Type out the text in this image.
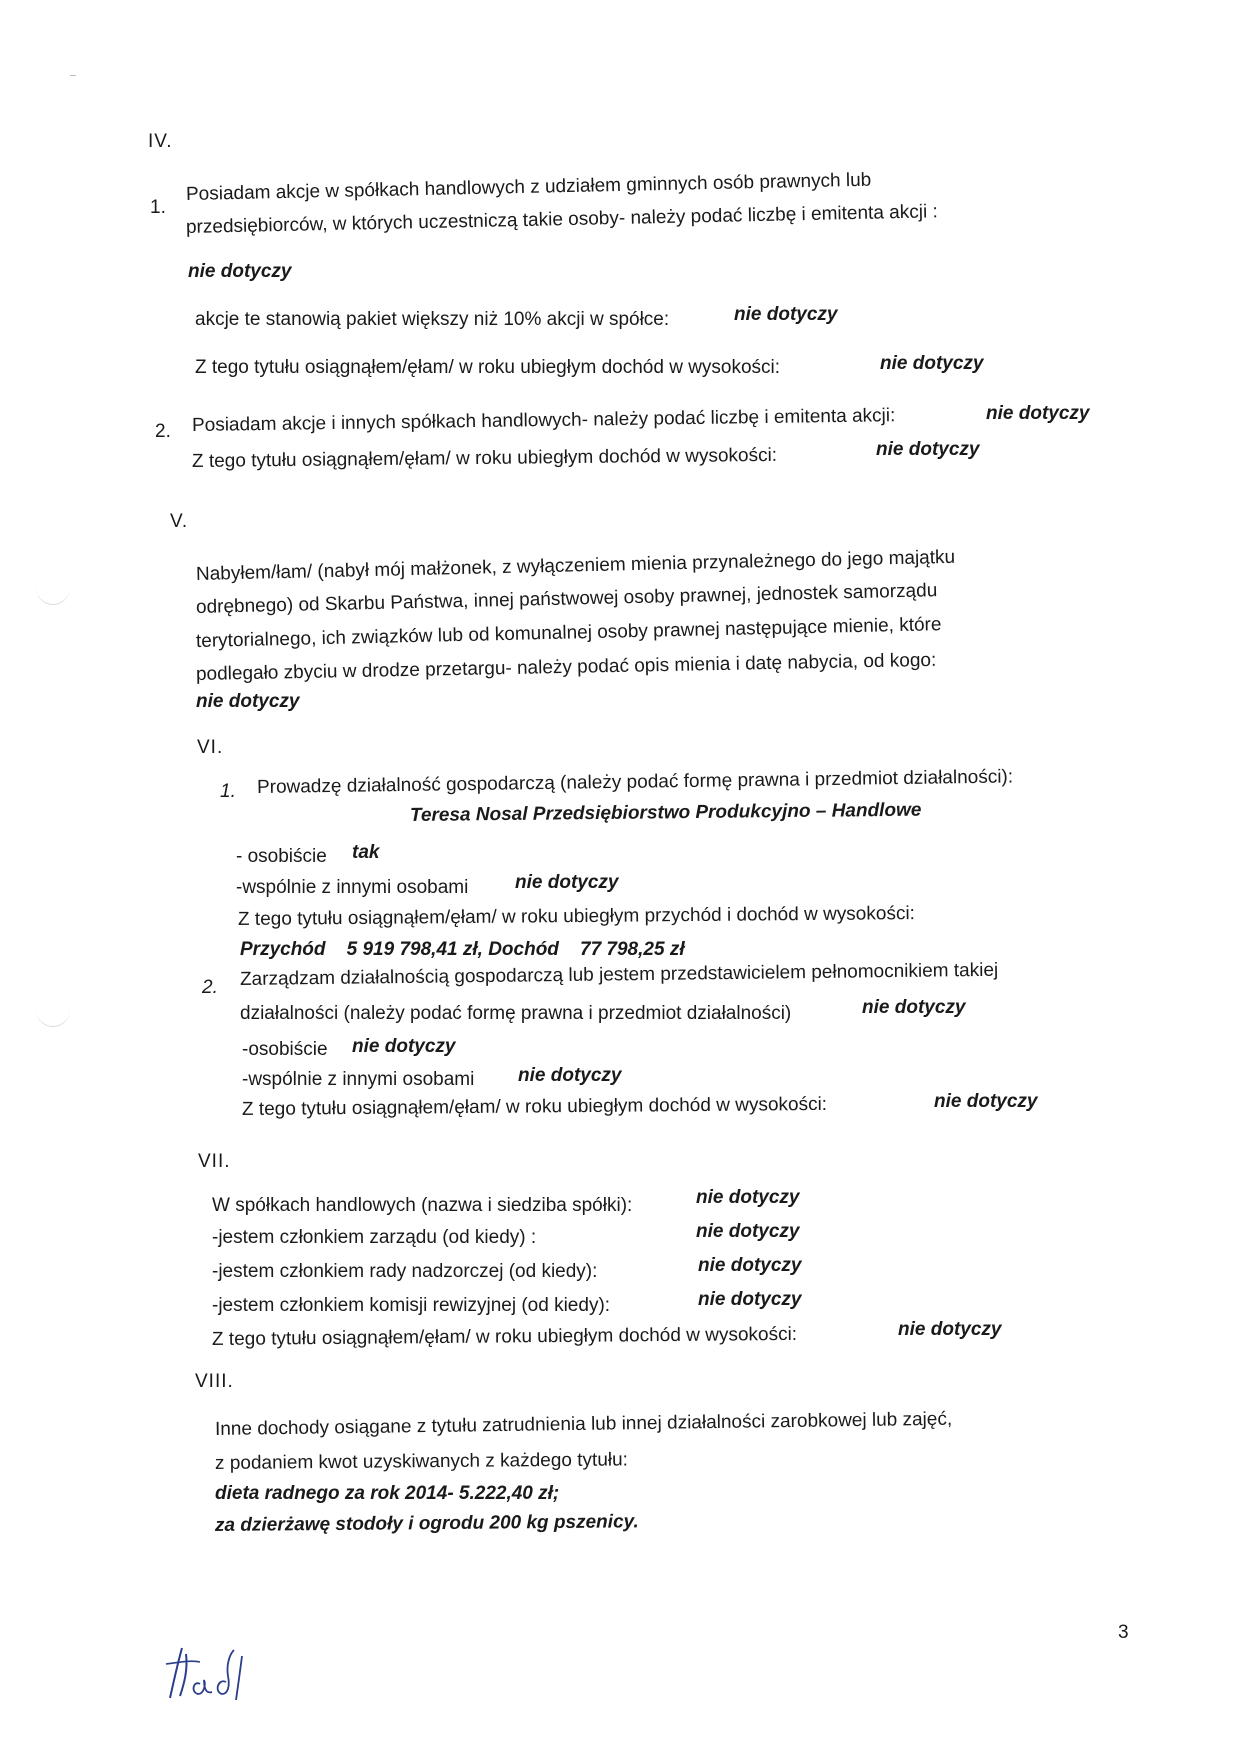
IV.
1.
Posiadam akcje w spółkach handlowych z udziałem gminnych osób prawnych lub
przedsiębiorców, w których uczestniczą takie osoby- należy podać liczbę i emitenta akcji :
nie dotyczy
akcje te stanowią pakiet większy niż 10% akcji w spółce:	nie dotyczy
Z tego tytułu osiągnąłem/ęłam/ w roku ubiegłym dochód w wysokości:	nie dotyczy
2. Posiadam akcje i innych spółkach handlowych- należy podać liczbę i emitenta akcji:	nie dotyczy
Z tego tytułu osiągnąłem/ęłam/ w roku ubiegłym dochód w wysokości:	nie dotyczy
V.
Nabyłem/łam/ (nabył mój małżonek, z wyłączeniem mienia przynależnego do jego majątku
odrębnego) od Skarbu Państwa, innej państwowej osoby prawnej, jednostek samorządu
terytorialnego, ich związków lub od komunalnej osoby prawnej następujące mienie, które
podlegało zbyciu w drodze przetargu- należy podać opis mienia i datę nabycia, od kogo:
nie dotyczy
VI.
1. Prowadzę działalność gospodarczą (należy podać formę prawna i przedmiot działalności):
Teresa Nosal Przedsiębiorstwo Produkcyjno – Handlowe
- osobiście tak
-wspólnie z innymi osobami nie dotyczy
Z tego tytułu osiągnąłem/ęłam/ w roku ubiegłym przychód i dochód w wysokości:
Przychód    5 919 798,41 zł, Dochód    77 798,25 zł
2. Zarządzam działalnością gospodarczą lub jestem przedstawicielem pełnomocnikiem takiej
działalności (należy podać formę prawna i przedmiot działalności)	nie dotyczy
-osobiście nie dotyczy
-wspólnie z innymi osobami nie dotyczy
Z tego tytułu osiągnąłem/ęłam/ w roku ubiegłym dochód w wysokości:	nie dotyczy
VII.
W spółkach handlowych (nazwa i siedziba spółki):	nie dotyczy
-jestem członkiem zarządu (od kiedy) :	nie dotyczy
-jestem członkiem rady nadzorczej (od kiedy):	nie dotyczy
-jestem członkiem komisji rewizyjnej (od kiedy):	nie dotyczy
Z tego tytułu osiągnąłem/ęłam/ w roku ubiegłym dochód w wysokości:	nie dotyczy
VIII.
Inne dochody osiągane z tytułu zatrudnienia lub innej działalności zarobkowej lub zajęć,
z podaniem kwot uzyskiwanych z każdego tytułu:
dieta radnego za rok 2014- 5.222,40 zł;
za dzierżawę stodoły i ogrodu 200 kg pszenicy.
3
